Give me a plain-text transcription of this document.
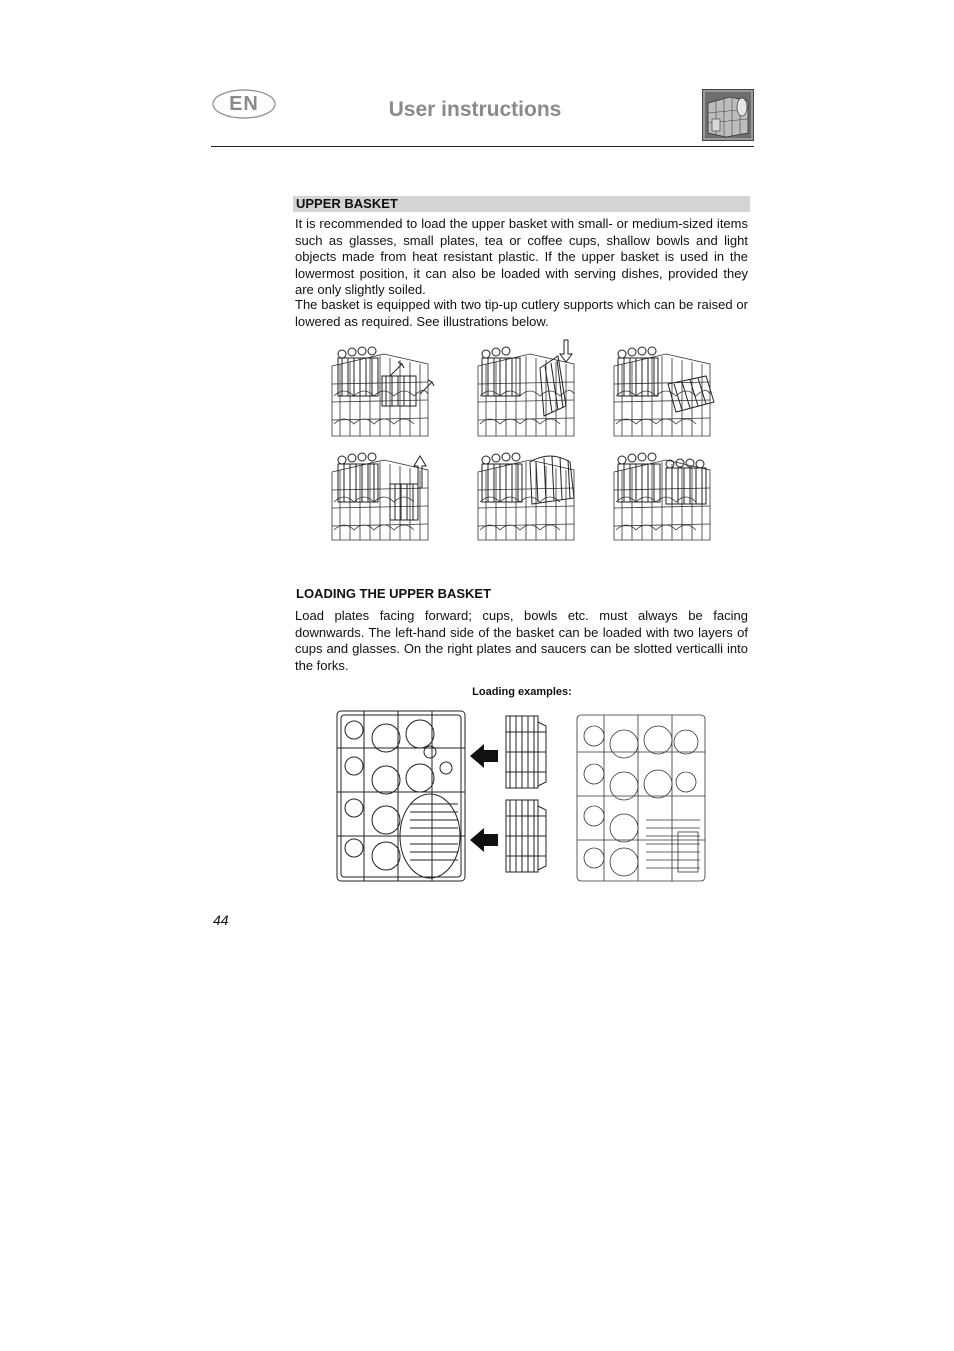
EN	User instructions
UPPER BASKET
It is recommended to load the upper basket with small- or medium-sized items such as glasses, small plates, tea or coffee cups, shallow bowls and light objects made from heat resistant plastic. If the upper basket is used in the lowermost position, it can also be loaded with serving dishes, provided they are only slightly soiled.
The basket is equipped with two tip-up cutlery supports which can be raised or lowered as required. See illustrations below.
LOADING THE UPPER BASKET
Load plates facing forward; cups, bowls etc. must always be facing downwards. The left-hand side of the basket can be loaded with two layers of cups and glasses. On the right plates and saucers can be slotted verticalli into the forks.
Loading examples:
44
